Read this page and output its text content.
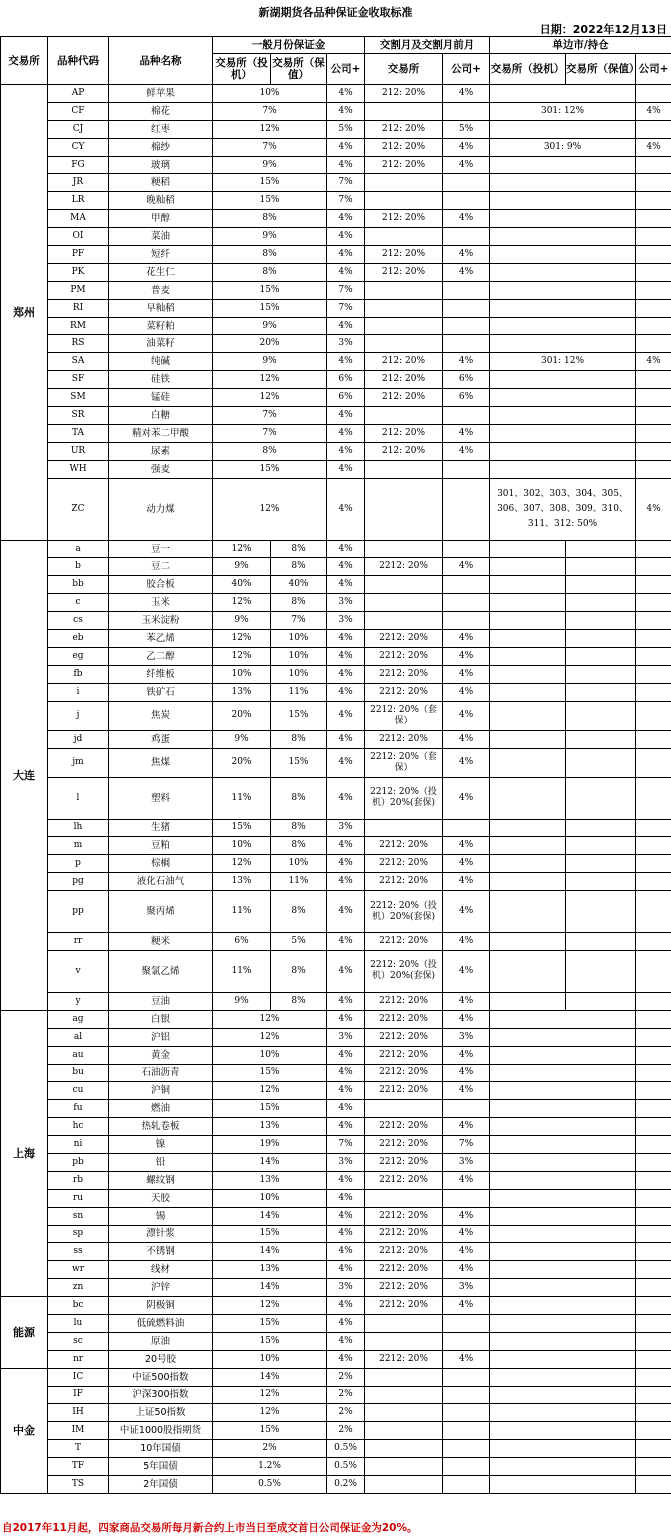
新湖期货各品种保证金收取标准
日期：2022年12月13日
交易所	品种代码	品种名称	一般月份保证金			交割月及交割月前月		单边市/持仓		
			交易所（投机）	交易所（保值）	公司+	交易所	公司+	交易所（投机）	交易所（保值）	公司+
郑州	AP	鲜苹果	10%		4%	212: 20%	4%			
	CF	棉花	7%		4%			301: 12%		4%
	CJ	红枣	12%		5%	212: 20%	5%			
	CY	棉纱	7%		4%	212: 20%	4%	301: 9%		4%
	FG	玻璃	9%		4%	212: 20%	4%			
	JR	粳稻	15%		7%					
	LR	晚籼稻	15%		7%					
	MA	甲醇	8%		4%	212: 20%	4%			
	OI	菜油	9%		4%					
	PF	短纤	8%		4%	212: 20%	4%			
	PK	花生仁	8%		4%	212: 20%	4%			
	PM	普麦	15%		7%					
	RI	早籼稻	15%		7%					
	RM	菜籽粕	9%		4%					
	RS	油菜籽	20%		3%					
	SA	纯碱	9%		4%	212: 20%	4%	301: 12%		4%
	SF	硅铁	12%		6%	212: 20%	6%			
	SM	锰硅	12%		6%	212: 20%	6%			
	SR	白糖	7%		4%					
	TA	精对苯二甲酸	7%		4%	212: 20%	4%			
	UR	尿素	8%		4%	212: 20%	4%			
	WH	强麦	15%		4%					
	ZC	动力煤	12%		4%			301、302、303、304、305、306、307、308、309、310、311、312: 50%		4%
大连	a	豆一	12%	8%	4%					
	b	豆二	9%	8%	4%	2212: 20%	4%			
	bb	胶合板	40%	40%	4%					
	c	玉米	12%	8%	3%					
	cs	玉米淀粉	9%	7%	3%					
	eb	苯乙烯	12%	10%	4%	2212: 20%	4%			
	eg	乙二醇	12%	10%	4%	2212: 20%	4%			
	fb	纤维板	10%	10%	4%	2212: 20%	4%			
	i	铁矿石	13%	11%	4%	2212: 20%	4%			
	j	焦炭	20%	15%	4%	2212: 20%（套保）	4%			
	jd	鸡蛋	9%	8%	4%	2212: 20%	4%			
	jm	焦煤	20%	15%	4%	2212: 20%（套保）	4%			
	l	塑料	11%	8%	4%	2212: 20%（投机）20%(套保)	4%			
	lh	生猪	15%	8%	3%					
	m	豆粕	10%	8%	4%	2212: 20%	4%			
	p	棕榈	12%	10%	4%	2212: 20%	4%			
	pg	液化石油气	13%	11%	4%	2212: 20%	4%			
	pp	聚丙烯	11%	8%	4%	2212: 20%（投机）20%(套保)	4%			
	rr	粳米	6%	5%	4%	2212: 20%	4%			
	v	聚氯乙烯	11%	8%	4%	2212: 20%（投机）20%(套保)	4%			
	y	豆油	9%	8%	4%	2212: 20%	4%			
上海	ag	白银	12%		4%	2212: 20%	4%			
	al	沪铝	12%		3%	2212: 20%	3%			
	au	黄金	10%		4%	2212: 20%	4%			
	bu	石油沥青	15%		4%	2212: 20%	4%			
	cu	沪铜	12%		4%	2212: 20%	4%			
	fu	燃油	15%		4%					
	hc	热轧卷板	13%		4%	2212: 20%	4%			
	ni	镍	19%		7%	2212: 20%	7%			
	pb	铅	14%		3%	2212: 20%	3%			
	rb	螺纹钢	13%		4%	2212: 20%	4%			
	ru	天胶	10%		4%					
	sn	锡	14%		4%	2212: 20%	4%			
	sp	漂针浆	15%		4%	2212: 20%	4%			
	ss	不锈钢	14%		4%	2212: 20%	4%			
	wr	线材	13%		4%	2212: 20%	4%			
	zn	沪锌	14%		3%	2212: 20%	3%			
能源	bc	阴极铜	12%		4%	2212: 20%	4%			
	lu	低硫燃料油	15%		4%					
	sc	原油	15%		4%					
	nr	20号胶	10%		4%	2212: 20%	4%			
中金	IC	中证500指数	14%		2%					
	IF	沪深300指数	12%		2%					
	IH	上证50指数	12%		2%					
	IM	中证1000股指期货	15%		2%					
	T	10年国债	2%		0.5%					
	TF	5年国债	1.2%		0.5%					
	TS	2年国债	0.5%		0.2%					
自2017年11月起，四家商品交易所每月新合约上市当日至成交首日公司保证金为20%。
